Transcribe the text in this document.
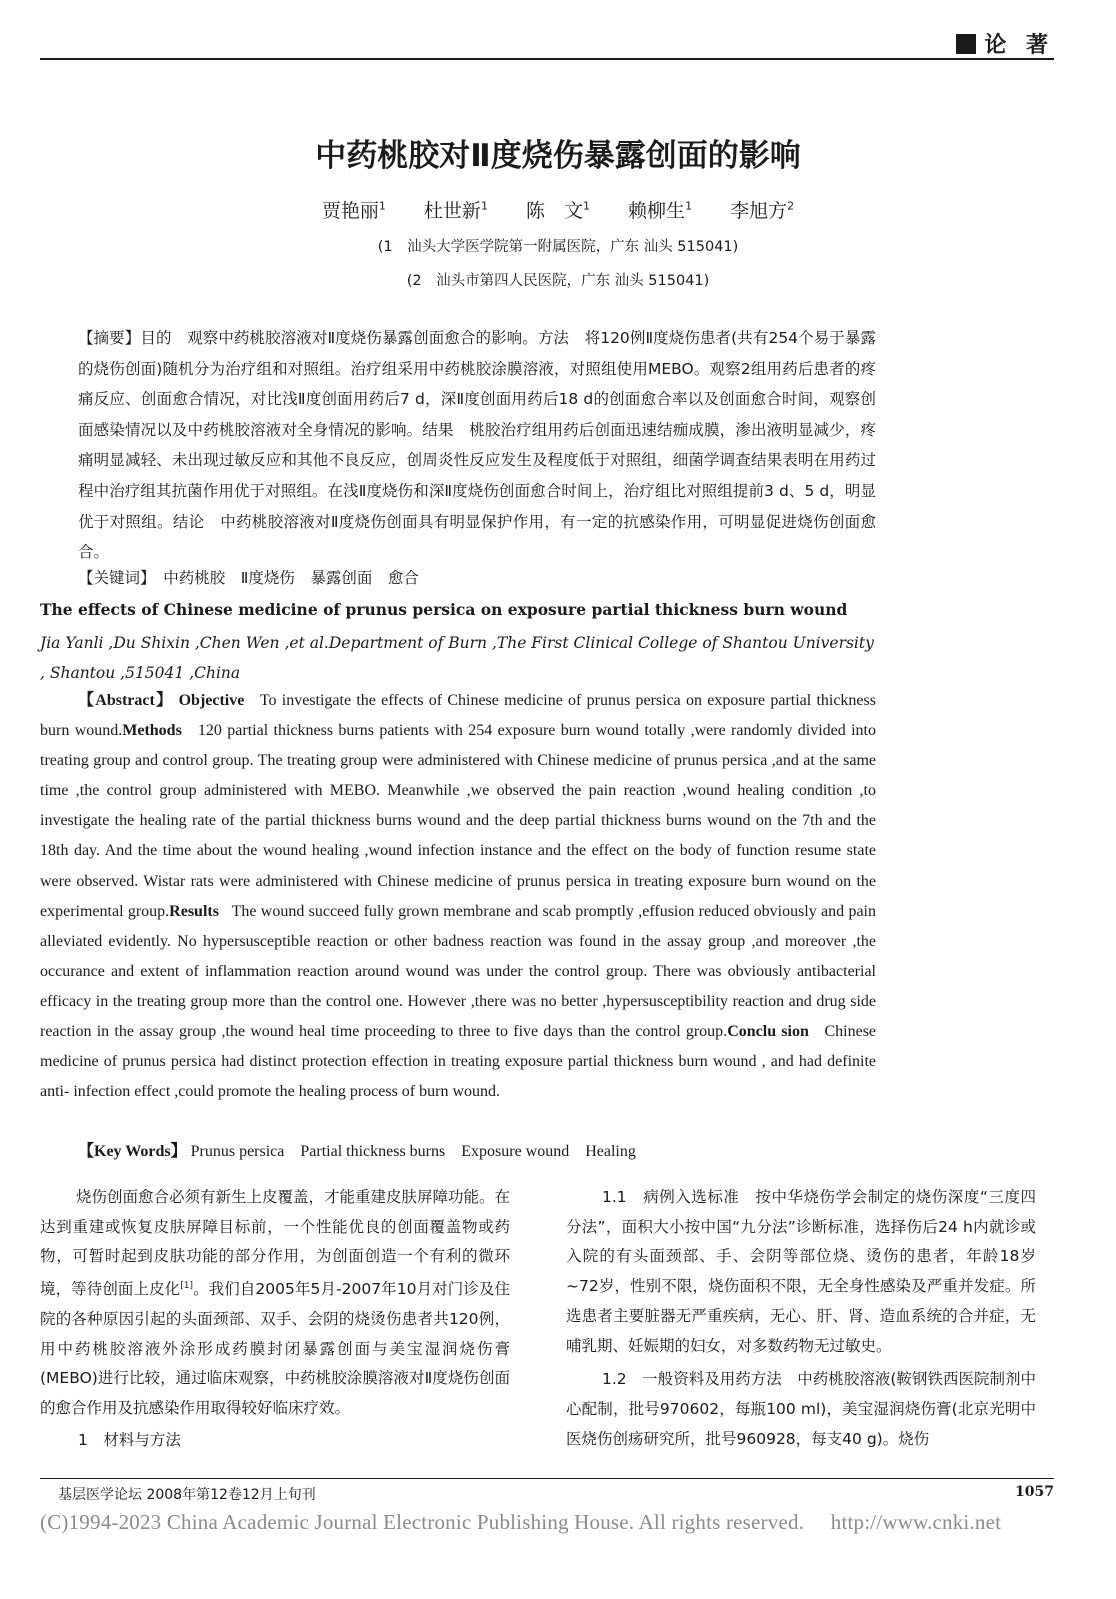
论 著
中药桃胶对Ⅱ度烧伤暴露创面的影响
贾艳丽$^1$ 杜世新$^1$ 陈　文$^1$ 赖柳生$^1$ 李旭方$^2$
(1　汕头大学医学院第一附属医院，广东 汕头 515041)
(2　汕头市第四人民医院，广东 汕头 515041)

【摘要】目的　观察中药桃胶溶液对Ⅱ度烧伤暴露创面愈合的影响。方法　将120例Ⅱ度烧伤患者(共有254个易于暴露的烧伤创面)随机分为治疗组和对照组。治疗组采用中药桃胶涂膜溶液，对照组使用MEBO。观察2组用药后患者的疼痛反应、创面愈合情况，对比浅Ⅱ度创面用药后7 d，深Ⅱ度创面用药后18 d的创面愈合率以及创面愈合时间，观察创面感染情况以及中药桃胶溶液对全身情况的影响。结果　桃胶治疗组用药后创面迅速结痂成膜，渗出液明显减少，疼痛明显减轻、未出现过敏反应和其他不良反应，创周炎性反应发生及程度低于对照组，细菌学调查结果表明在用药过程中治疗组其抗菌作用优于对照组。在浅Ⅱ度烧伤和深Ⅱ度烧伤创面愈合时间上，治疗组比对照组提前3 d、5 d，明显优于对照组。结论　中药桃胶溶液对Ⅱ度烧伤创面具有明显保护作用，有一定的抗感染作用，可明显促进烧伤创面愈合。

【关键词】　中药桃胶　Ⅱ度烧伤　暴露创面　愈合
The effects of Chinese medicine of prunus persica on exposure partial thickness burn wound
Jia Yanli ,Du Shixin ,Chen Wen ,et al.Department of Burn ,The First Clinical College of Shantou University , Shantou ,515041 ,China
【Abstract】 Objective To investigate the effects of Chinese medicine of prunus persica on exposure partial thickness burn wound.Methods 120 partial thickness burns patients with 254 exposure burn wound totally ,were randomly divided into treating group and control group. The treating group were administered with Chinese medicine of prunus persica ,and at the same time ,the control group administered with MEBO. Meanwhile ,we observed the pain reaction ,wound healing condition ,to investigate the healing rate of the partial thickness burns wound and the deep partial thickness burns wound on the 7th and the 18th day. And the time about the wound healing ,wound infection instance and the effect on the body of function resume state were observed. Wistar rats were administered with Chinese medicine of prunus persica in treating exposure burn wound on the experimental group.Results The wound succeed fully grown membrane and scab promptly ,effusion reduced obviously and pain alleviated evidently. No hypersusceptible reaction or other badness reaction was found in the assay group ,and moreover ,the occurance and extent of inflammation reaction around wound was under the control group. There was obviously antibacterial efficacy in the treating group more than the control one. However ,there was no better ,hypersusceptibility reaction and drug side reaction in the assay group ,the wound heal time proceeding to three to five days than the control group.Conclu sion Chinese medicine of prunus persica had distinct protection effection in treating exposure partial thickness burn wound , and had definite anti- infection effect ,could promote the healing process of burn wound.
【Key Words】 Prunus persica　Partial thickness burns　Exposure wound　Healing

烧伤创面愈合必须有新生上皮覆盖，才能重建皮肤屏障功能。在达到重建或恢复皮肤屏障目标前，一个性能优良的创面覆盖物或药物，可暂时起到皮肤功能的部分作用，为创面创造一个有利的微环境，等待创面上皮化[1]。我们自2005年5月-2007年10月对门诊及住院的各种原因引起的头面颈部、双手、会阴的烧烫伤患者共120例，用中药桃胶溶液外涂形成药膜封闭暴露创面与美宝湿润烧伤膏(MEBO)进行比较，通过临床观察，中药桃胶涂膜溶液对Ⅱ度烧伤创面的愈合作用及抗感染作用取得较好临床疗效。

1　材料与方法

1.1　病例入选标准　按中华烧伤学会制定的烧伤深度“三度四分法”，面积大小按中国“九分法”诊断标准，选择伤后24 h内就诊或入院的有头面颈部、手、会阴等部位烧、烫伤的患者，年龄18岁~72岁，性别不限，烧伤面积不限，无全身性感染及严重并发症。所选患者主要脏器无严重疾病，无心、肝、肾、造血系统的合并症，无哺乳期、妊娠期的妇女，对多数药物无过敏史。

1.2　一般资料及用药方法　中药桃胶溶液(鞍钢铁西医院制剂中心配制，批号970602，每瓶100 ml)，美宝湿润烧伤膏(北京光明中医烧伤创疡研究所，批号960928，每支40 g)。烧伤

基层医学论坛 2008年第12卷12月上旬刊	1057
(C)1994-2023 China Academic Journal Electronic Publishing House. All rights reserved.　 http://www.cnki.net
